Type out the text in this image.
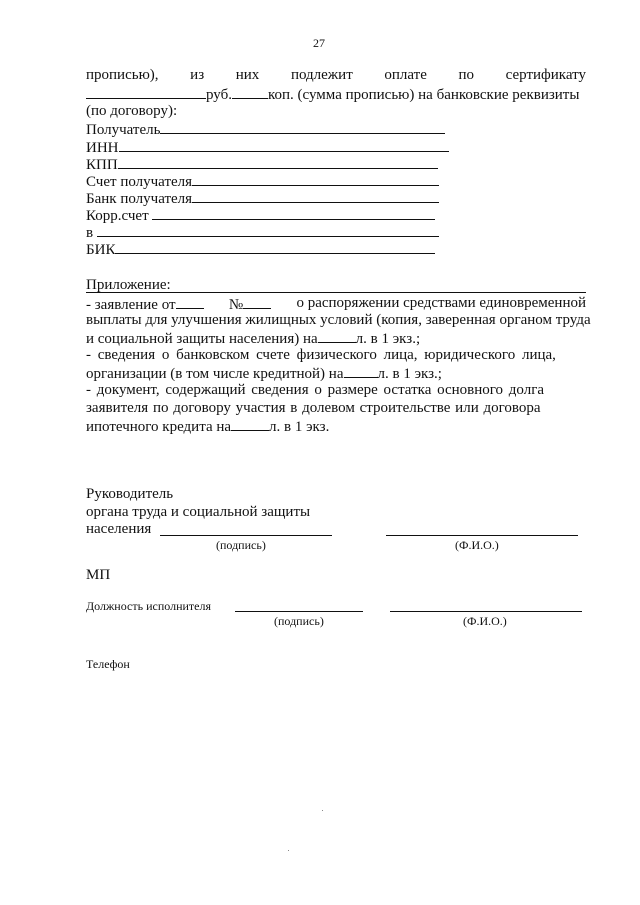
27
прописью), из них подлежит оплате по сертификату
руб. коп. (сумма прописью) на банковские реквизиты
(по договору):
Получатель
ИНН
КПП
Счет получателя
Банк получателя
Корр.счет
в
БИК
Приложение:
- заявление от	№	о распоряжении средствами единовременной
выплаты для улучшения жилищных условий (копия, заверенная органом труда
и социальной защиты населения) на	л. в 1 экз.;
- сведения о банковском счете физического лица, юридического лица,
организации (в том числе кредитной) на л. в 1 экз.;
- документ, содержащий сведения о размере остатка основного долга
заявителя по договору участия в долевом строительстве или договора
ипотечного кредита на	л. в 1 экз.
Руководитель
органа труда и социальной защиты
населения
(подпись)	(Ф.И.О.)
МП
Должность исполнителя
(подпись)	(Ф.И.О.)
Телефон
